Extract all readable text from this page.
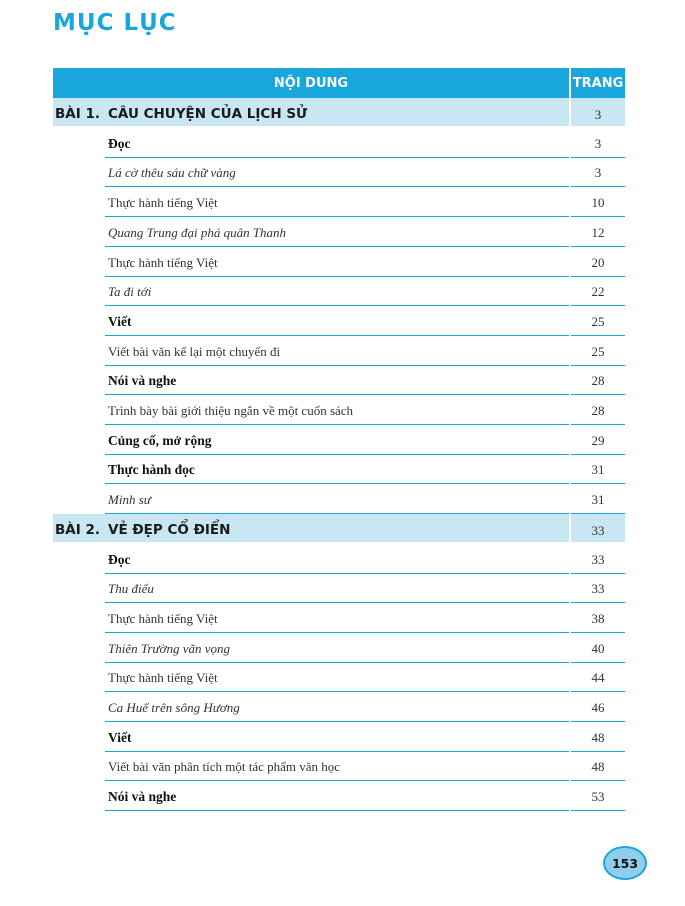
MỤC LỤC
NỘI DUNG	TRANG
BÀI 1. CÂU CHUYỆN CỦA LỊCH SỬ	3
Đọc	3
Lá cờ thêu sáu chữ vàng	3
Thực hành tiếng Việt	10
Quang Trung đại phá quân Thanh	12
Thực hành tiếng Việt	20
Ta đi tới	22
Viết	25
Viết bài văn kể lại một chuyến đi	25
Nói và nghe	28
Trình bày bài giới thiệu ngắn về một cuốn sách	28
Củng cố, mở rộng	29
Thực hành đọc	31
Minh sư	31
BÀI 2. VẺ ĐẸP CỔ ĐIỂN	33
Đọc	33
Thu điếu	33
Thực hành tiếng Việt	38
Thiên Trường vãn vọng	40
Thực hành tiếng Việt	44
Ca Huế trên sông Hương	46
Viết	48
Viết bài văn phân tích một tác phẩm văn học	48
Nói và nghe	53
153
